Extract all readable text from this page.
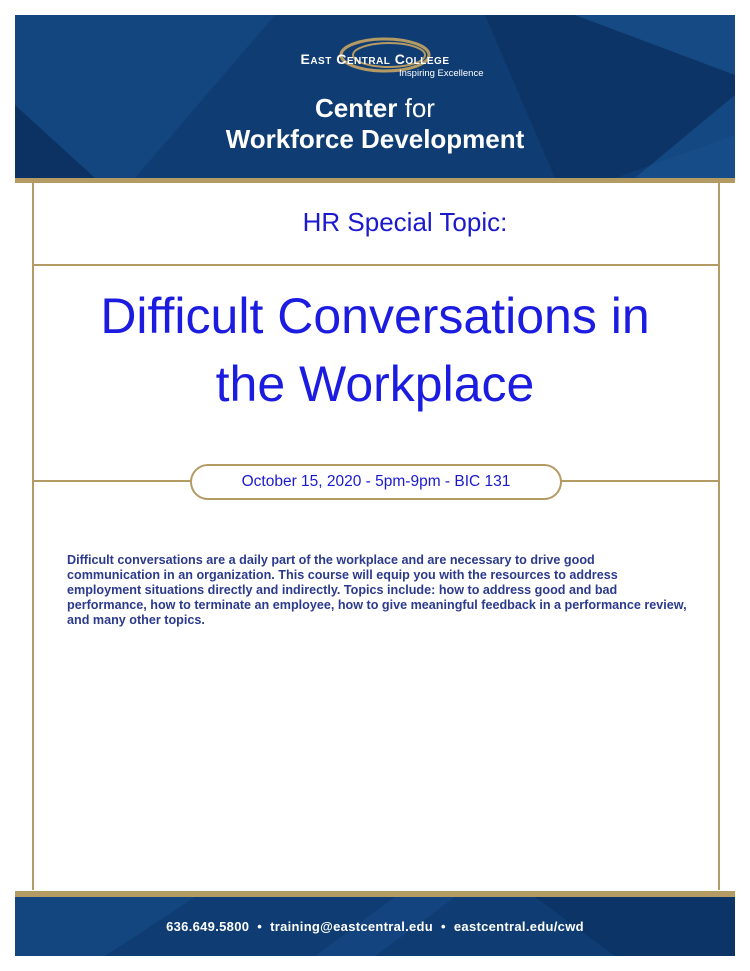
East Central College
Inspiring Excellence
Center for
Workforce Development
HR Special Topic:
Difficult Conversations in
the Workplace
October 15, 2020 - 5pm-9pm - BIC 131
Difficult conversations are a daily part of the workplace and are necessary to drive good communication in an organization. This course will equip you with the resources to address employment situations directly and indirectly. Topics include: how to address good and bad performance, how to terminate an employee, how to give meaningful feedback in a performance review, and many other topics.
636.649.5800 • training@eastcentral.edu • eastcentral.edu/cwd
